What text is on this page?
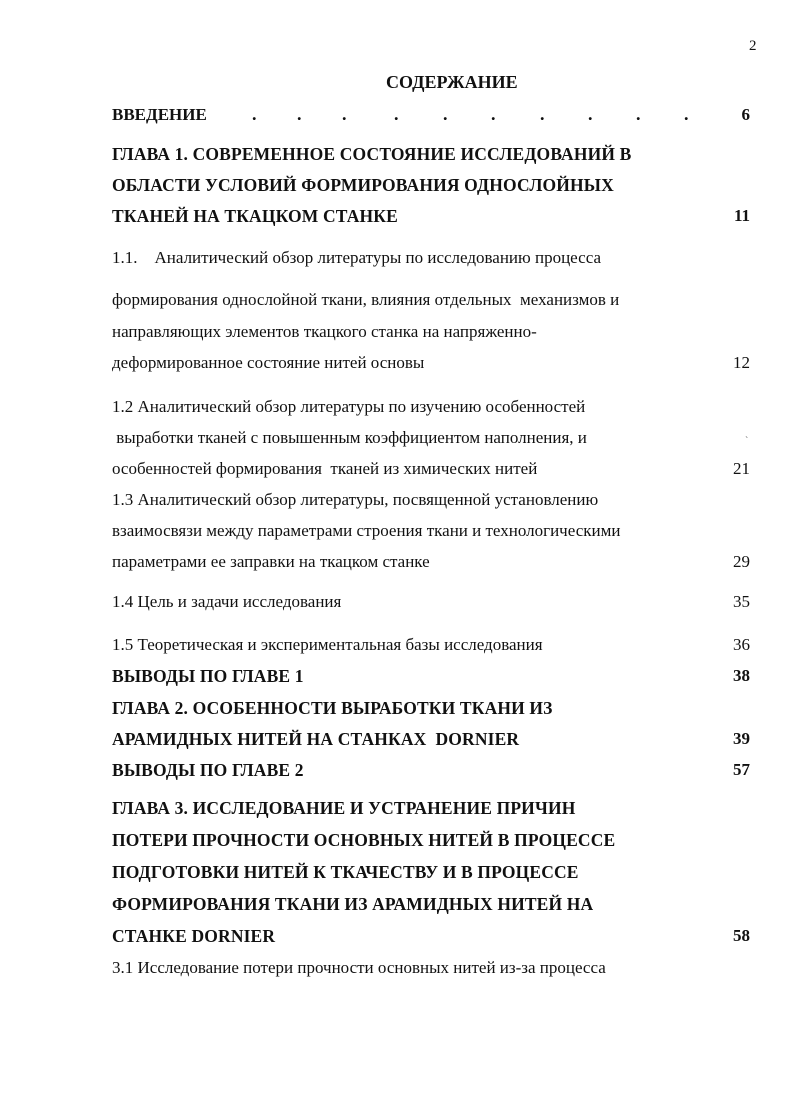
2
СОДЕРЖАНИЕ
ВВЕДЕНИЕ	. . .	. . . . . . .	6
ГЛАВА 1. СОВРЕМЕННОЕ СОСТОЯНИЕ ИССЛЕДОВАНИЙ В
ОБЛАСТИ УСЛОВИЙ ФОРМИРОВАНИЯ ОДНОСЛОЙНЫХ
ТКАНЕЙ НА ТКАЦКОМ СТАНКЕ	11
1.1.    Аналитический обзор литературы по исследованию процесса
формирования однослойной ткани, влияния отдельных  механизмов и
направляющих элементов ткацкого станка на напряженно-
деформированное состояние нитей основы	12
1.2 Аналитический обзор литературы по изучению особенностей
выработки тканей с повышенным коэффициентом наполнения, и
особенностей формирования  тканей из химических нитей	21
ˋ
1.3 Аналитический обзор литературы, посвященной установлению
взаимосвязи между параметрами строения ткани и технологическими
параметрами ее заправки на ткацком станке	29
1.4 Цель и задачи исследования	35
1.5 Теоретическая и экспериментальная базы исследования	36
ВЫВОДЫ ПО ГЛАВЕ 1	38
ГЛАВА 2. ОСОБЕННОСТИ ВЫРАБОТКИ ТКАНИ ИЗ
АРАМИДНЫХ НИТЕЙ НА СТАНКАХ  DORNIER	39
ВЫВОДЫ ПО ГЛАВЕ 2	57
ГЛАВА 3. ИССЛЕДОВАНИЕ И УСТРАНЕНИЕ ПРИЧИН
ПОТЕРИ ПРОЧНОСТИ ОСНОВНЫХ НИТЕЙ В ПРОЦЕССЕ
ПОДГОТОВКИ НИТЕЙ К ТКАЧЕСТВУ И В ПРОЦЕССЕ
ФОРМИРОВАНИЯ ТКАНИ ИЗ АРАМИДНЫХ НИТЕЙ НА
СТАНКЕ DORNIER	58
3.1 Исследование потери прочности основных нитей из-за процесса
